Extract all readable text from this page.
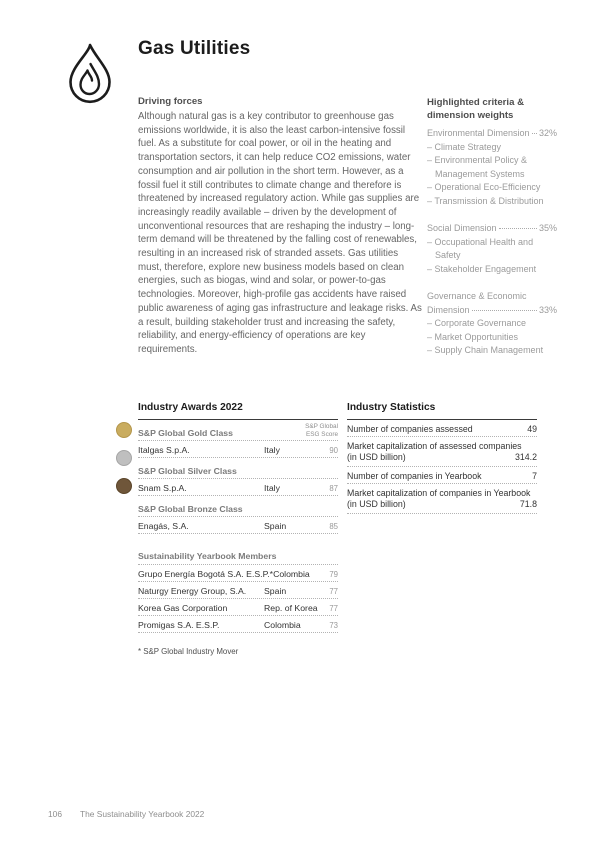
Gas Utilities
Driving forces

Although natural gas is a key contributor to greenhouse gas emissions worldwide, it is also the least carbon-intensive fossil fuel. As a substitute for coal power, or oil in the heating and transportation sectors, it can help reduce CO2 emissions, water consumption and air pollution in the short term. However, as a fossil fuel it still contributes to climate change and therefore is threatened by increased regulatory action. While gas supplies are increasingly readily available – driven by the development of unconventional resources that are reshaping the industry – long-term demand will be threatened by the falling cost of renewables, resulting in an increased risk of stranded assets. Gas utilities must, therefore, explore new business models based on clean energies, such as biogas, wind and solar, or power-to-gas technologies. Moreover, high-profile gas accidents have raised public awareness of aging gas infrastructure and leakage risks. As a result, building stakeholder trust and increasing the safety, reliability, and energy-efficiency of operations are key requirements.

Highlighted criteria &
dimension weights
Environmental Dimension 32%
– Climate Strategy
– Environmental Policy & Management Systems
– Operational Eco-Efficiency
– Transmission & Distribution
Social Dimension	35%
– Occupational Health and Safety
– Stakeholder Engagement
Governance & Economic
Dimension	33%
– Corporate Governance
– Market Opportunities
– Supply Chain Management
Industry Awards 2022
S&P Global Gold Class
S&P Global
ESG Score
Italgas S.p.A.	Italy	90
S&P Global Silver Class
Snam S.p.A.	Italy	87
S&P Global Bronze Class
Enagás, S.A.	Spain	85
Sustainability Yearbook Members
Grupo Energía Bogotá S.A. E.S.P.* Colombia	79
Naturgy Energy Group, S.A. Spain	77
Korea Gas Corporation	Rep. of Korea	77
Promigas S.A. E.S.P.	Colombia	73
* S&P Global Industry Mover
Industry Statistics
Number of companies assessed	49
Market capitalization of assessed companies
(in USD billion)	314.2
Number of companies in Yearbook	7
Market capitalization of companies in Yearbook
(in USD billion)	71.8
106	The Sustainability Yearbook 2022
